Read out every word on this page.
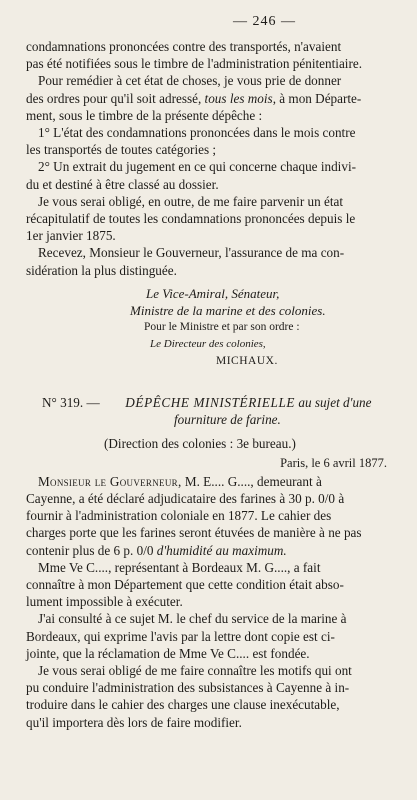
— 246 —

condamnations prononcées contre des transportés, n'avaient
pas été notifiées sous le timbre de l'administration pénitentiaire.

Pour remédier à cet état de choses, je vous prie de donner
des ordres pour qu'il soit adressé, tous les mois, à mon Départe-
ment, sous le timbre de la présente dépêche :

1° L'état des condamnations prononcées dans le mois contre
les transportés de toutes catégories ;

2° Un extrait du jugement en ce qui concerne chaque indivi-
du et destiné à être classé au dossier.

Je vous serai obligé, en outre, de me faire parvenir un état
récapitulatif de toutes les condamnations prononcées depuis le
1er janvier 1875.

Recevez, Monsieur le Gouverneur, l'assurance de ma con-
sidération la plus distinguée.

Le Vice-Amiral, Sénateur,
Ministre de la marine et des colonies.
Pour le Ministre et par son ordre :
Le Directeur des colonies,
MICHAUX.
N° 319. — DÉPÊCHE MINISTÉRIELLE au sujet d'une
fourniture de farine.
(Direction des colonies : 3e bureau.)
Paris, le 6 avril 1877.

Monsieur le Gouverneur, M. E.... G...., demeurant à
Cayenne, a été déclaré adjudicataire des farines à 30 p. 0/0 à
fournir à l'administration coloniale en 1877. Le cahier des
charges porte que les farines seront étuvées de manière à ne pas
contenir plus de 6 p. 0/0 d'humidité au maximum.

Mme Ve C...., représentant à Bordeaux M. G...., a fait
connaître à mon Département que cette condition était abso-
lument impossible à exécuter.

J'ai consulté à ce sujet M. le chef du service de la marine à
Bordeaux, qui exprime l'avis par la lettre dont copie est ci-
jointe, que la réclamation de Mme Ve C.... est fondée.

Je vous serai obligé de me faire connaître les motifs qui ont
pu conduire l'administration des subsistances à Cayenne à in-
troduire dans le cahier des charges une clause inexécutable,
qu'il importera dès lors de faire modifier.
